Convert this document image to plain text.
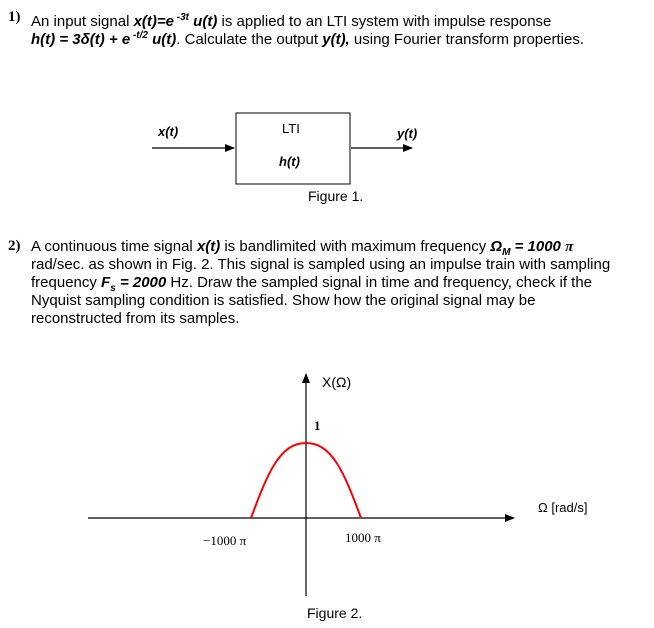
1) An input signal x(t)=e $^{-3t}$ u(t) is applied to an LTI system with impulse response
h(t) = 3δ(t) + e $^{-t/2}$ u(t). Calculate the output y(t), using Fourier transform properties.
x(t)	LTI
h(t)
y(t)
Figure 1.
2) A continuous time signal x(t) is bandlimited with maximum frequency $\Omega_M = 1000$ π
rad/sec. as shown in Fig. 2. This signal is sampled using an impulse train with sampling
frequency $F_s = 2000$ Hz. Draw the sampled signal in time and frequency, check if the
Nyquist sampling condition is satisfied. Show how the original signal may be
reconstructed from its samples.
X(Ω)
1
Ω [rad/s]
−1000 π	1000 π
Figure 2.
